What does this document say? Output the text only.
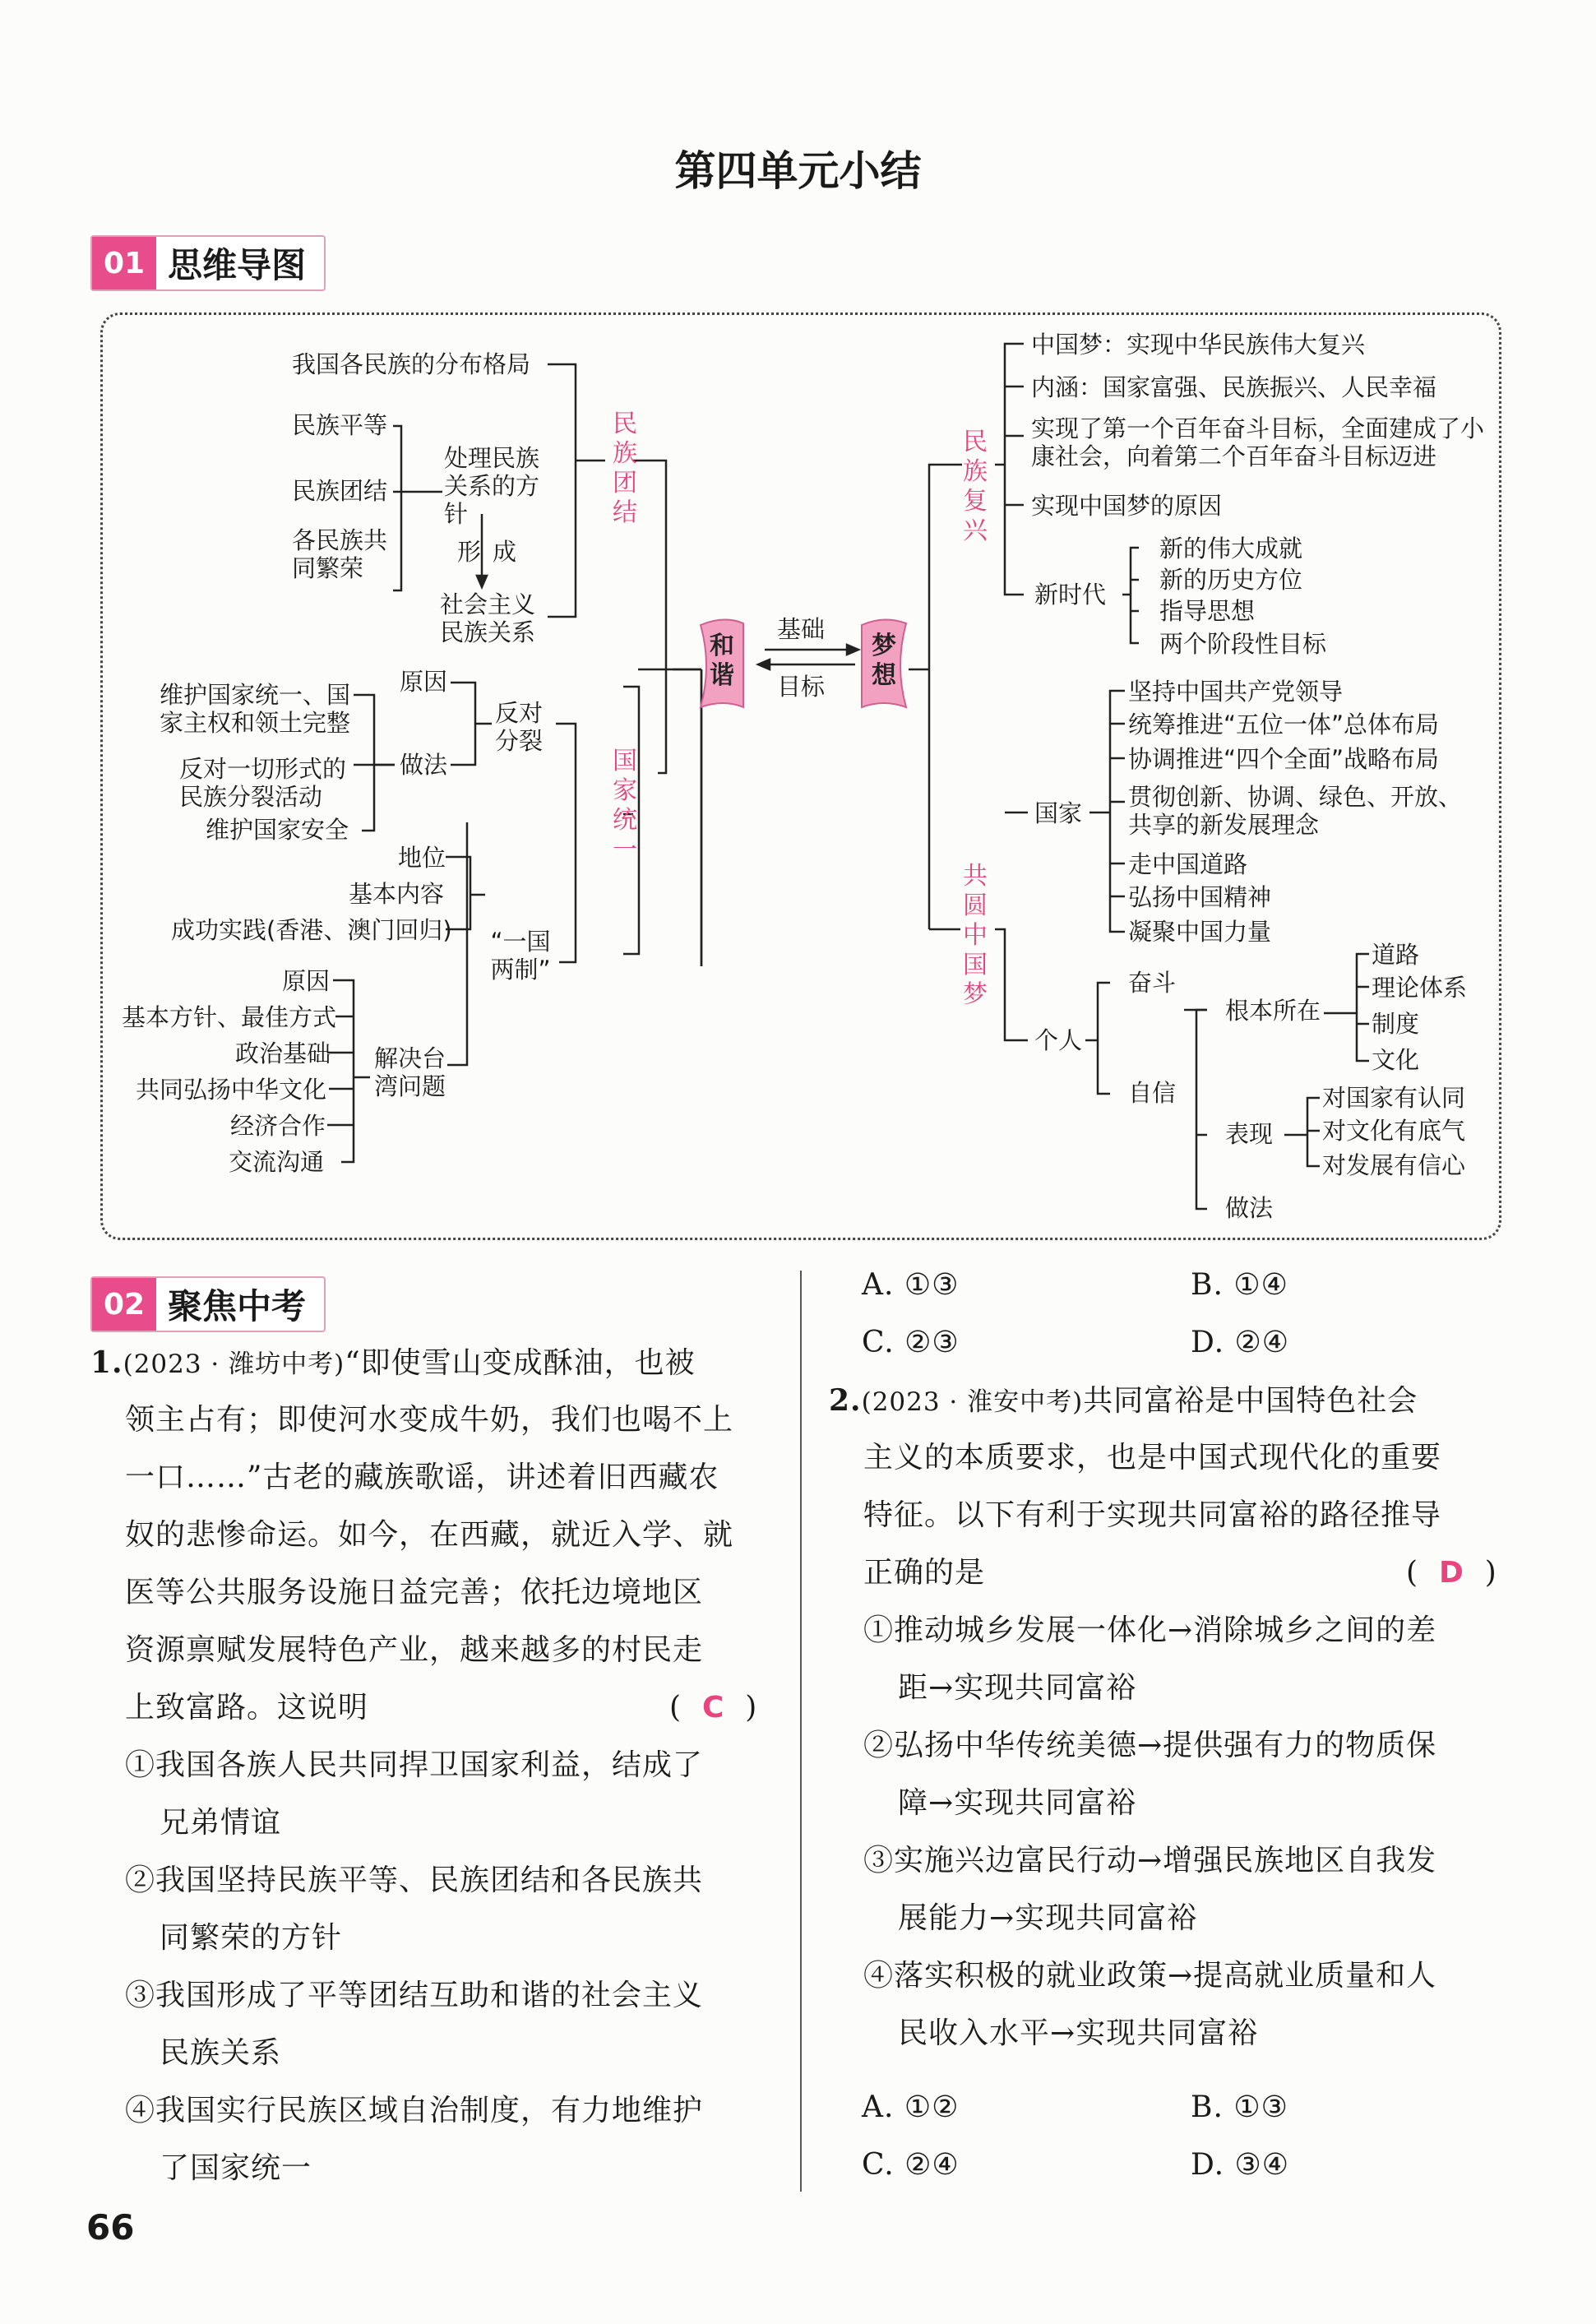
第四单元小结
01 思维导图
和谐
梦想
基础
目标
民族团结
我国各民族的分布格局
民族平等
民族团结
各民族共同繁荣
处理民族关系的方针
形成
社会主义民族关系
国家统一
维护国家统一、国家主权和领土完整
反对一切形式的民族分裂活动
维护国家安全
原因
做法
反对分裂
地位
基本内容
成功实践(香港、澳门回归) “一国两制”
原因
基本方针、最佳方式
政治基础
共同弘扬中华文化
经济合作
交流沟通
解决台湾问题
民族复兴
中国梦：实现中华民族伟大复兴
内涵：国家富强、民族振兴、人民幸福
实现了第一个百年奋斗目标，全面建成了小康社会，向着第二个百年奋斗目标迈进
实现中国梦的原因
新时代
新的伟大成就
新的历史方位
指导思想
两个阶段性目标
共圆中国梦
国家
坚持中国共产党领导
统筹推进“五位一体”总体布局
协调推进“四个全面”战略布局
贯彻创新、协调、绿色、开放、共享的新发展理念
走中国道路
弘扬中国精神
凝聚中国力量
个人
奋斗
自信
根本所在
道路
理论体系
制度
文化
表现
对国家有认同
对文化有底气
对发展有信心
做法
02 聚焦中考
1.(2023 · 潍坊中考)“即使雪山变成酥油，也被
领主占有；即使河水变成牛奶，我们也喝不上
一口……”古老的藏族歌谣，讲述着旧西藏农
奴的悲惨命运。如今，在西藏，就近入学、就
医等公共服务设施日益完善；依托边境地区
资源禀赋发展特色产业，越来越多的村民走
上致富路。这说明	(  C  )
①我国各族人民共同捍卫国家利益，结成了
兄弟情谊
②我国坚持民族平等、民族团结和各民族共
同繁荣的方针
③我国形成了平等团结互助和谐的社会主义
民族关系
④我国实行民族区域自治制度，有力地维护
了国家统一
A. ①③	B. ①④
C. ②③	D. ②④
2.(2023 · 淮安中考)共同富裕是中国特色社会
主义的本质要求，也是中国式现代化的重要
特征。以下有利于实现共同富裕的路径推导
正确的是	(  D  )
①推动城乡发展一体化→消除城乡之间的差
距→实现共同富裕
②弘扬中华传统美德→提供强有力的物质保
障→实现共同富裕
③实施兴边富民行动→增强民族地区自我发
展能力→实现共同富裕
④落实积极的就业政策→提高就业质量和人
民收入水平→实现共同富裕
A. ①②	B. ①③
C. ②④	D. ③④
66
